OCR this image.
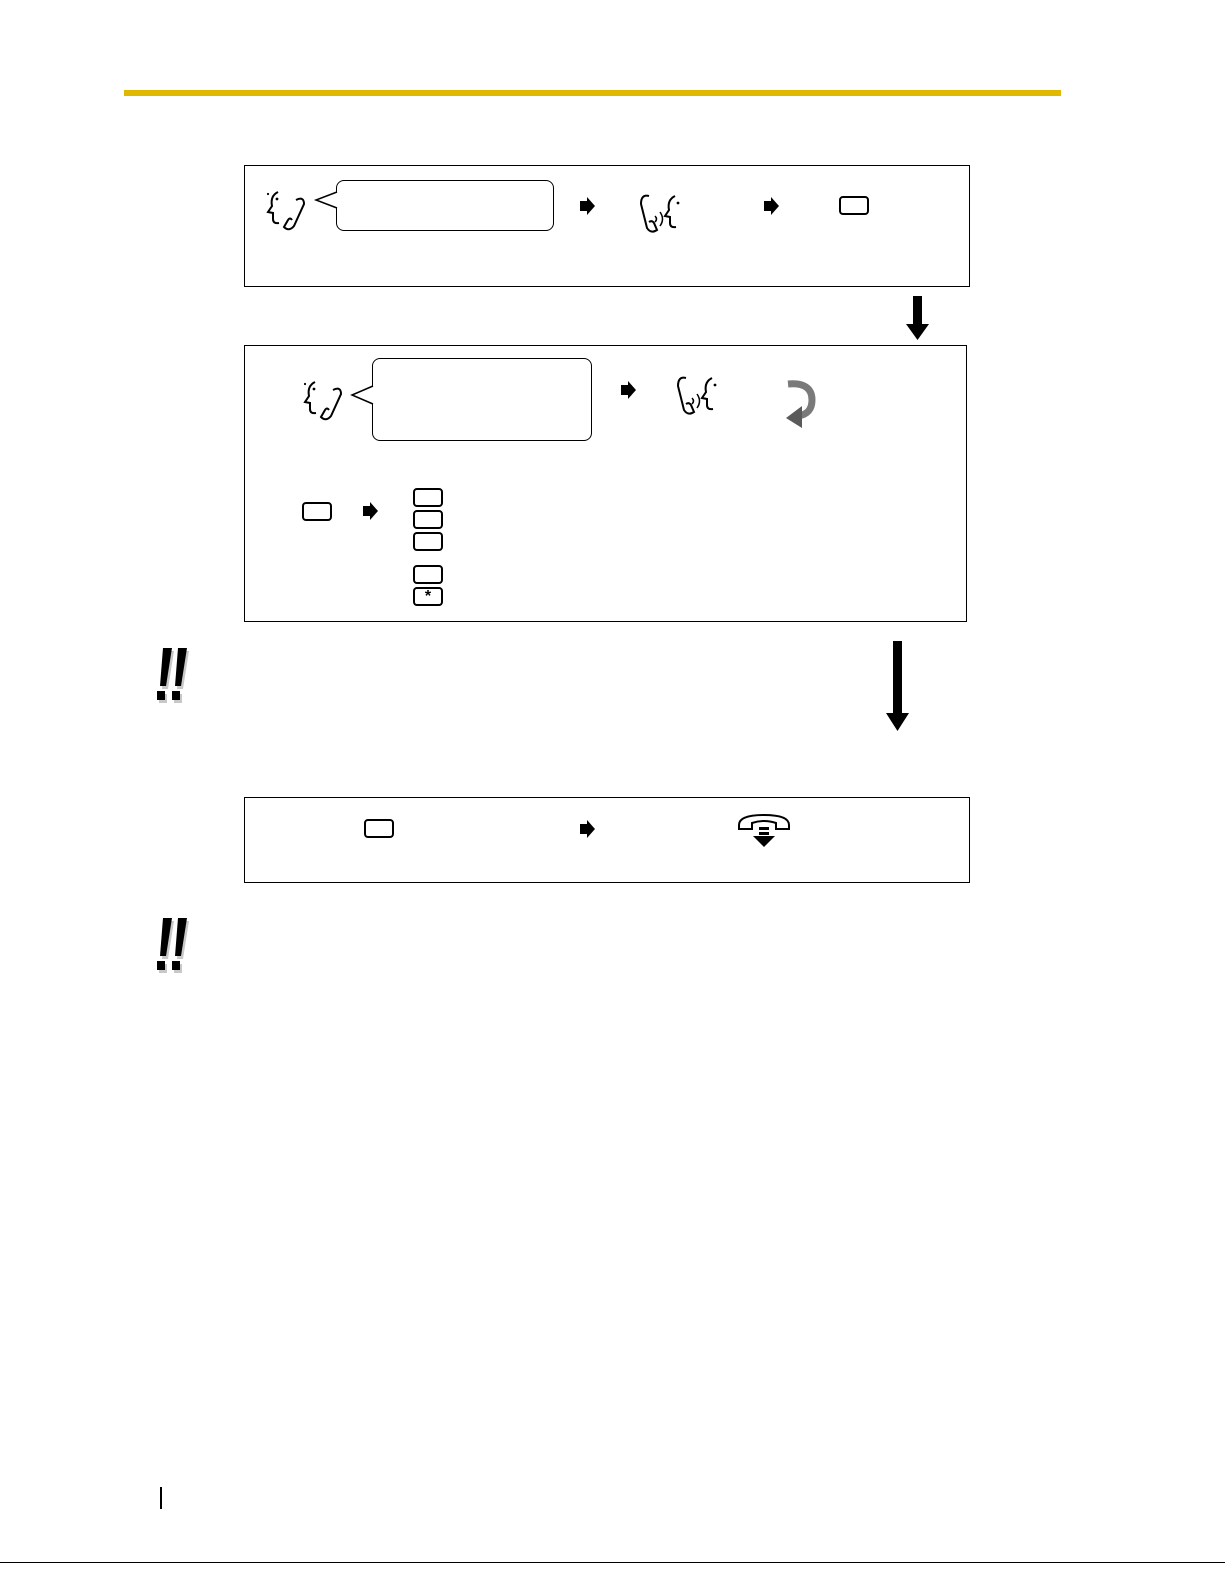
*
